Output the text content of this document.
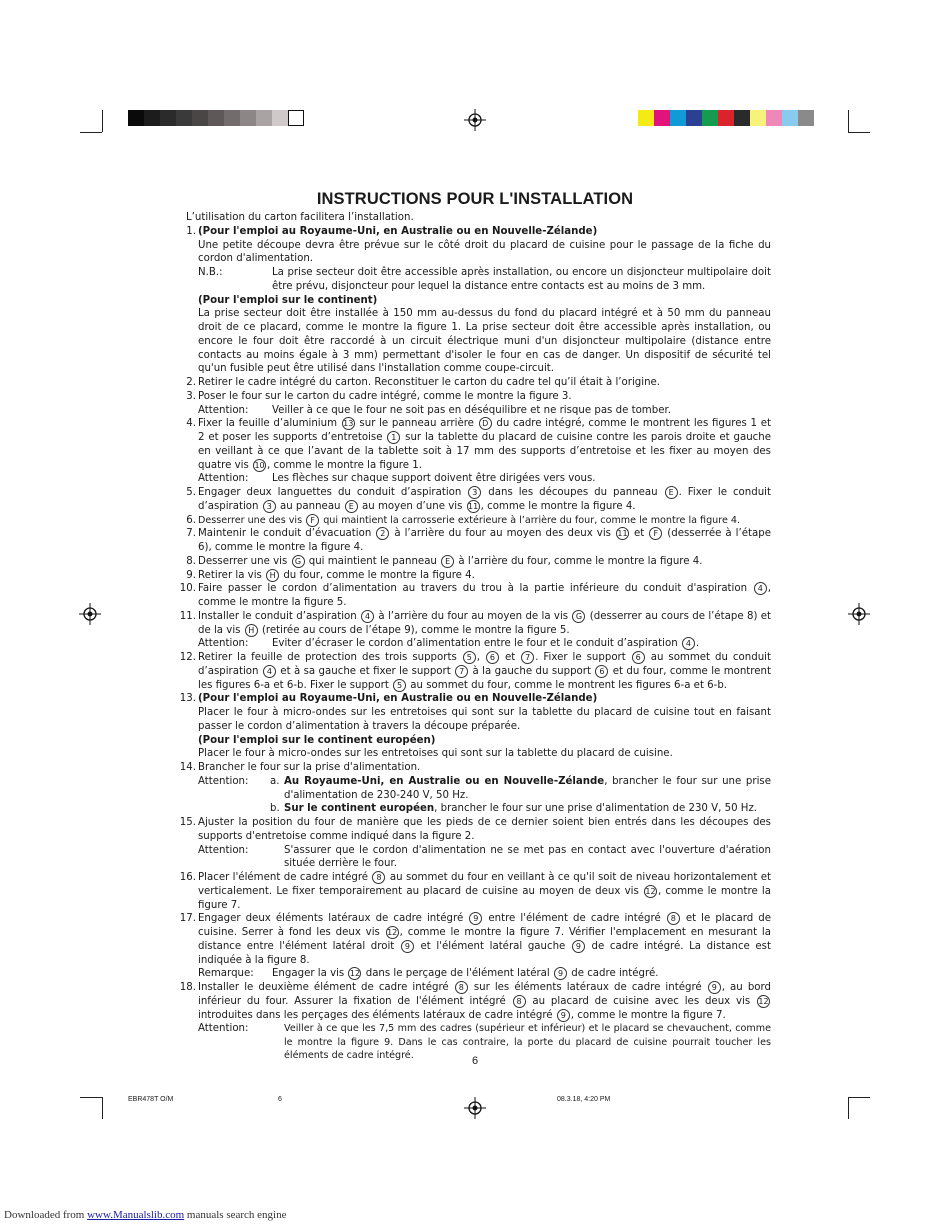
INSTRUCTIONS POUR L'INSTALLATION

L’utilisation du carton facilitera l’installation.

1. (Pour l'emploi au Royaume-Uni, en Australie ou en Nouvelle-Zélande)

Une petite découpe devra être prévue sur le côté droit du placard de cuisine pour le passage de la fiche du cordon d'alimentation.

N.B.:	La prise secteur doit être accessible après installation, ou encore un disjoncteur multipolaire doit être prévu, disjoncteur pour lequel la distance entre contacts est au moins de 3 mm.

(Pour l'emploi sur le continent)

La prise secteur doit être installée à 150 mm au-dessus du fond du placard intégré et à 50 mm du panneau droit de ce placard, comme le montre la figure 1. La prise secteur doit être accessible après installation, ou encore le four doit être raccordé à un circuit électrique muni d'un disjoncteur multipolaire (distance entre contacts au moins égale à 3 mm) permettant d'isoler le four en cas de danger. Un dispositif de sécurité tel qu'un fusible peut être utilisé dans l'installation comme coupe-circuit.

2. Retirer le cadre intégré du carton. Reconstituer le carton du cadre tel qu’il était à l’origine.

3. Poser le four sur le carton du cadre intégré, comme le montre la figure 3.

Attention: Veiller à ce que le four ne soit pas en déséquilibre et ne risque pas de tomber.

4. Fixer la feuille d’aluminium 13 sur le panneau arrière D du cadre intégré, comme le montrent les figures 1 et 2 et poser les supports d’entretoise 1 sur la tablette du placard de cuisine contre les parois droite et gauche en veillant à ce que l’avant de la tablette soit à 17 mm des supports d’entretoise et les fixer au moyen des quatre vis 10 , comme le montre la figure 1.

Attention: Les flèches sur chaque support doivent être dirigées vers vous.

5. Engager deux languettes du conduit d’aspiration 3 dans les découpes du panneau E . Fixer le conduit d’aspiration 3 au panneau E au moyen d’une vis 11 , comme le montre la figure 4.

6. Desserrer une des vis F qui maintient la carrosserie extérieure à l’arrière du four, comme le montre la figure 4.

7. Maintenir le conduit d’évacuation 2 à l’arrière du four au moyen des deux vis 11 et F (desserrée à l’étape 6), comme le montre la figure 4.

8. Desserrer une vis G qui maintient le panneau E à l’arrière du four, comme le montre la figure 4.

9. Retirer la vis H du four, comme le montre la figure 4.

10. Faire passer le cordon d’alimentation au travers du trou à la partie inférieure du conduit d'aspiration 4 , comme le montre la figure 5.

11. Installer le conduit d’aspiration 4 à l’arrière du four au moyen de la vis G (desserrer au cours de l’étape 8) et de la vis H (retirée au cours de l’étape 9), comme le montre la figure 5.

Attention: Eviter d’écraser le cordon d’alimentation entre le four et le conduit d’aspiration 4 .

12. Retirer la feuille de protection des trois supports 5 , 6 et 7 . Fixer le support 6 au sommet du conduit d’aspiration 4 et à sa gauche et fixer le support 7 à la gauche du support 6 et du four, comme le montrent les figures 6-a et 6-b. Fixer le support 5 au sommet du four, comme le montrent les figures 6-a et 6-b.

13. (Pour l'emploi au Royaume-Uni, en Australie ou en Nouvelle-Zélande)

Placer le four à micro-ondes sur les entretoises qui sont sur la tablette du placard de cuisine tout en faisant passer le cordon d’alimentation à travers la découpe préparée.

(Pour l'emploi sur le continent européen)

Placer le four à micro-ondes sur les entretoises qui sont sur la tablette du placard de cuisine.

14. Brancher le four sur la prise d'alimentation.

Attention: a. Au Royaume-Uni, en Australie ou en Nouvelle-Zélande, brancher le four sur une prise d'alimentation de 230-240 V, 50 Hz.

b. Sur le continent européen, brancher le four sur une prise d'alimentation de 230 V, 50 Hz.

15. Ajuster la position du four de manière que les pieds de ce dernier soient bien entrés dans les découpes des supports d'entretoise comme indiqué dans la figure 2.

Attention:	S'assurer que le cordon d'alimentation ne se met pas en contact avec l'ouverture d'aération située derrière le four.

16. Placer l'élément de cadre intégré 8 au sommet du four en veillant à ce qu'il soit de niveau horizontalement et verticalement. Le fixer temporairement au placard de cuisine au moyen de deux vis 12 , comme le montre la figure 7.

17. Engager deux éléments latéraux de cadre intégré 9 entre l'élément de cadre intégré 8 et le placard de cuisine. Serrer à fond les deux vis 12 , comme le montre la figure 7. Vérifier l'emplacement en mesurant la distance entre l'élément latéral droit 9 et l'élément latéral gauche 9 de cadre intégré. La distance est indiquée à la figure 8.

Remarque: Engager la vis 12 dans le perçage de l'élément latéral 9 de cadre intégré.

18. Installer le deuxième élément de cadre intégré 8 sur les éléments latéraux de cadre intégré 9 , au bord inférieur du four. Assurer la fixation de l'élément intégré 8 au placard de cuisine avec les deux vis 12 introduites dans les perçages des éléments latéraux de cadre intégré 9 , comme le montre la figure 7.

Attention:	Veiller à ce que les 7,5 mm des cadres (supérieur et inférieur) et le placard se chevauchent, comme le montre la figure 9. Dans le cas contraire, la porte du placard de cuisine pourrait toucher les éléments de cadre intégré.	6
EBR478T O/M	6	08.3.18, 4:20 PM
Downloaded from www.Manualslib.com manuals search engine
